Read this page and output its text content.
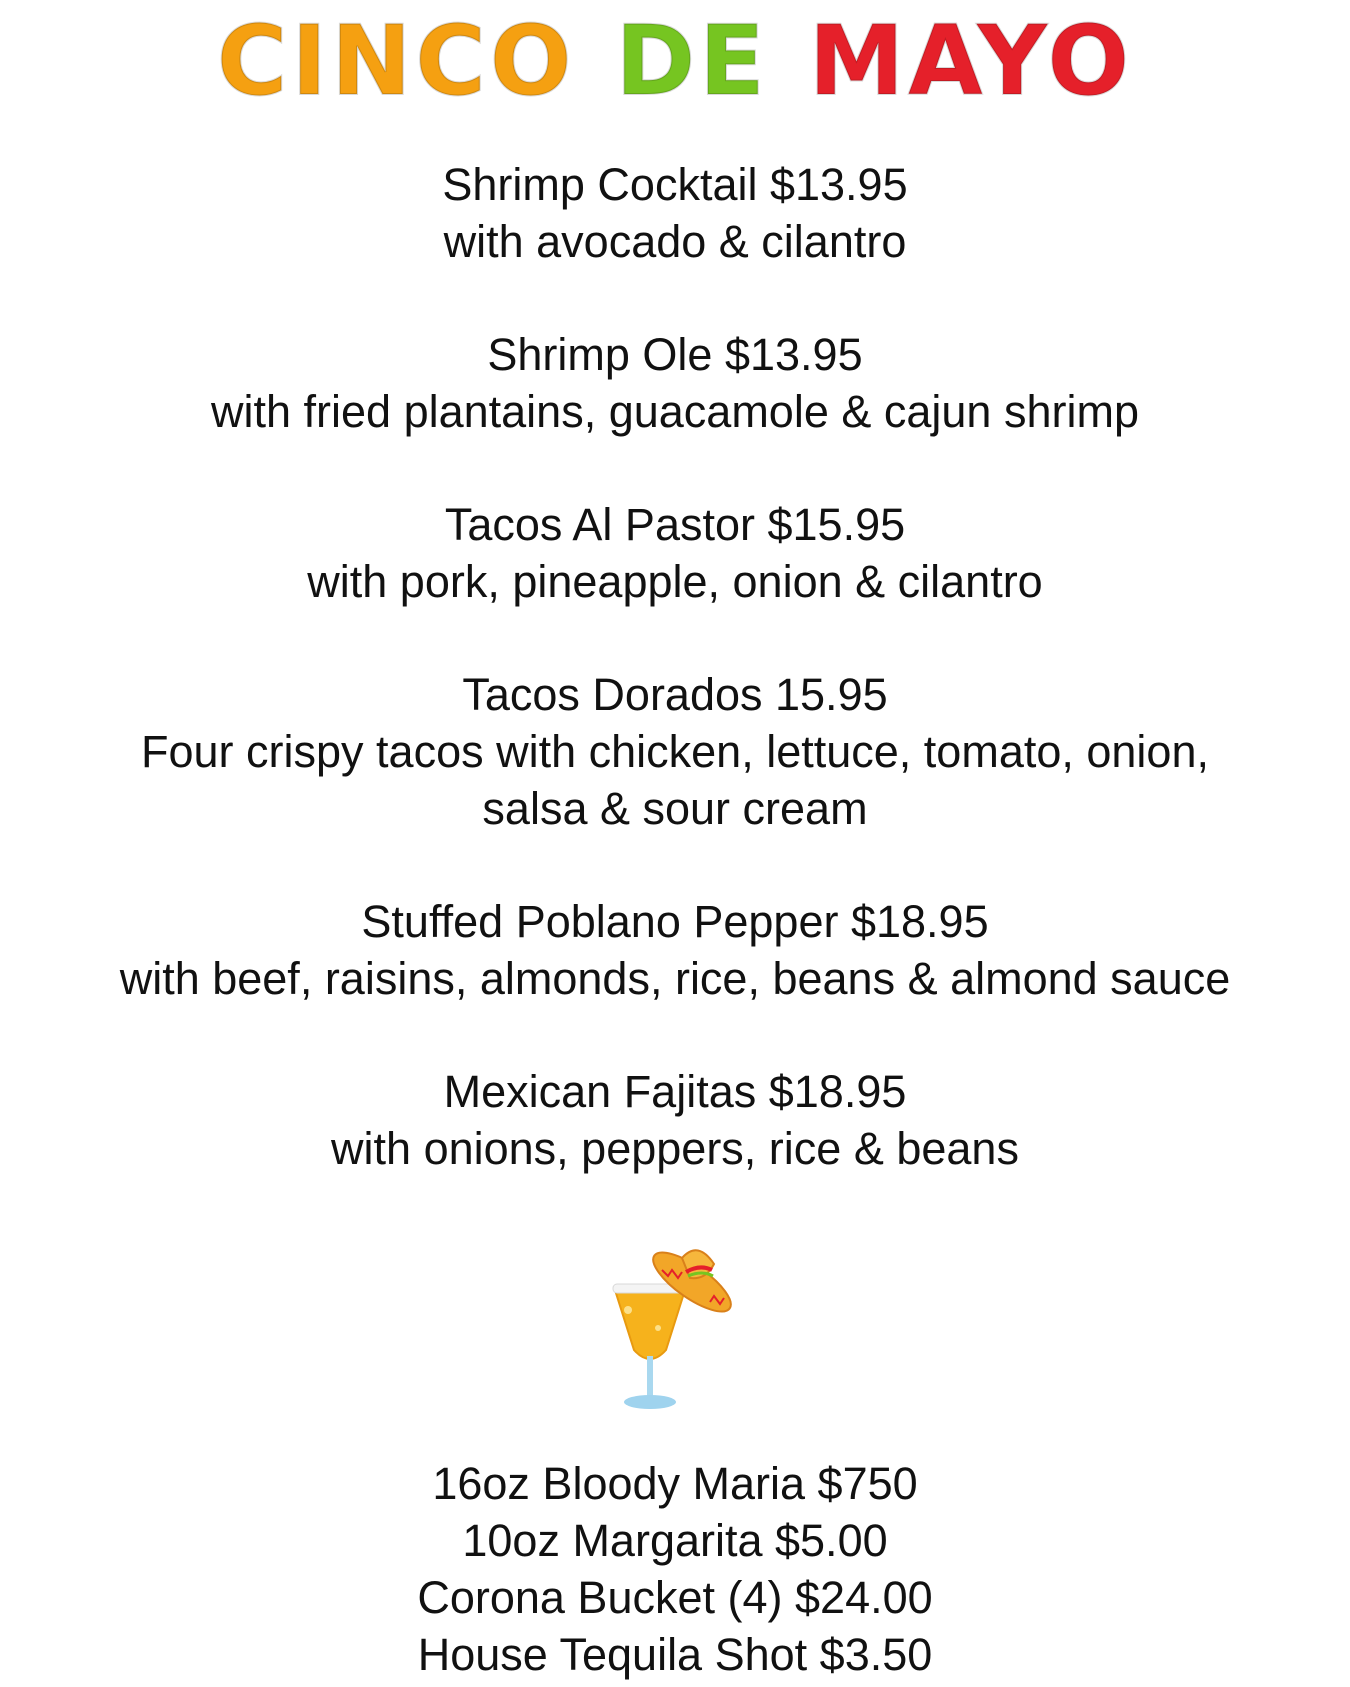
CINCO DE MAYO
Shrimp Cocktail $13.95
with avocado & cilantro
Shrimp Ole $13.95
with fried plantains, guacamole & cajun shrimp
Tacos Al Pastor $15.95
with pork, pineapple, onion & cilantro
Tacos Dorados 15.95
Four crispy tacos with chicken, lettuce, tomato, onion,
salsa & sour cream
Stuffed Poblano Pepper $18.95
with beef, raisins, almonds, rice, beans & almond sauce
Mexican Fajitas $18.95
with onions, peppers, rice & beans
16oz Bloody Maria $750
10oz Margarita $5.00
Corona Bucket (4) $24.00
House Tequila Shot $3.50
